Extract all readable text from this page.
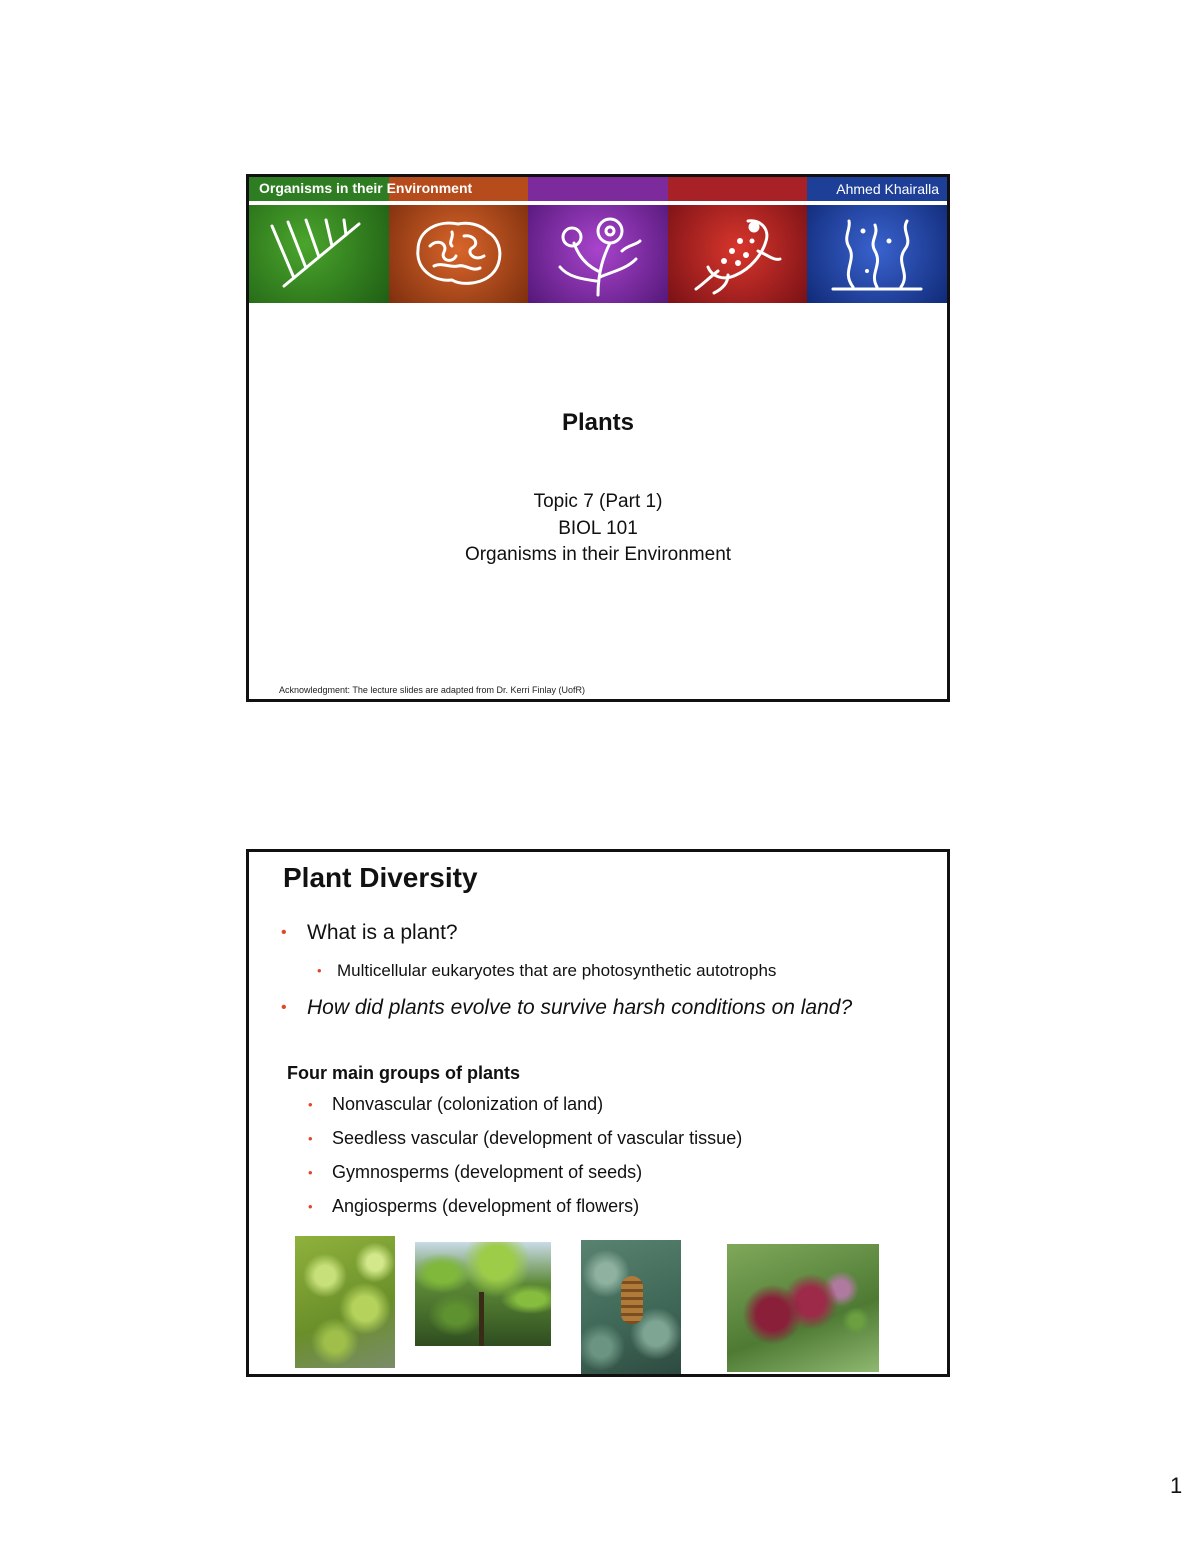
Organisms in their Environment	Ahmed Khairalla
Plants
Topic 7 (Part 1)
BIOL 101
Organisms in their Environment
Acknowledgment: The lecture slides are adapted from Dr. Kerri Finlay (UofR)
Plant Diversity
• What is a plant?
• Multicellular eukaryotes that are photosynthetic autotrophs
• How did plants evolve to survive harsh conditions on land?
Four main groups of plants
• Nonvascular (colonization of land)
• Seedless vascular (development of vascular tissue)
• Gymnosperms (development of seeds)
• Angiosperms (development of flowers)
1
